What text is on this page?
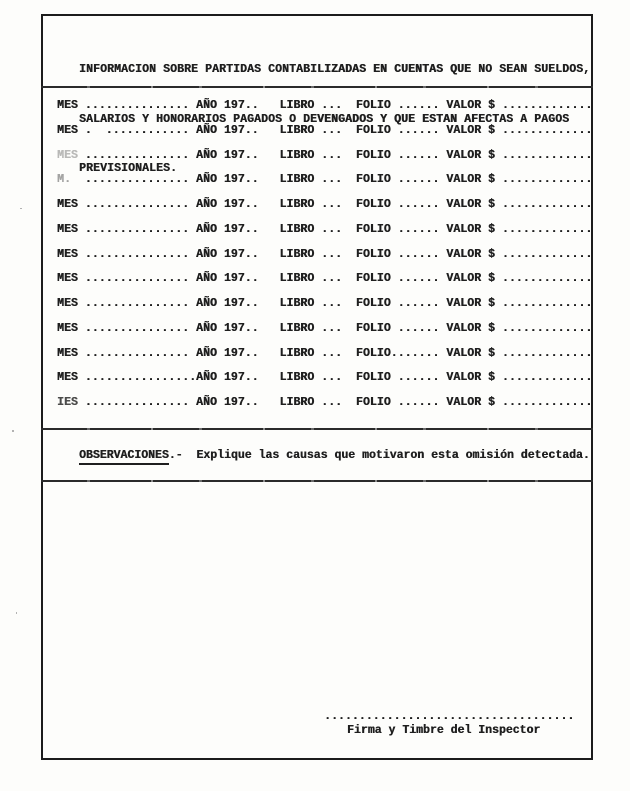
INFORMACION SOBRE PARTIDAS CONTABILIZADAS EN CUENTAS QUE NO SEAN SUELDOS,

SALARIOS Y HONORARIOS PAGADOS O DEVENGADOS Y QUE ESTAN AFECTAS A PAGOS

PREVISIONALES.

MES ............... AÑO 197..   LIBRO ...  FOLIO ...... VALOR $ .............
MES .  ............ AÑO 197..   LIBRO ...  FOLIO ...... VALOR $ .............
MES ............... AÑO 197..   LIBRO ...  FOLIO ...... VALOR $ .............
M.  ............... AÑO 197..   LIBRO ...  FOLIO ...... VALOR $ .............
MES ............... AÑO 197..   LIBRO ...  FOLIO ...... VALOR $ .............
MES ............... AÑO 197..   LIBRO ...  FOLIO ...... VALOR $ .............
MES ............... AÑO 197..   LIBRO ...  FOLIO ...... VALOR $ .............
MES ............... AÑO 197..   LIBRO ...  FOLIO ...... VALOR $ .............
MES ............... AÑO 197..   LIBRO ...  FOLIO ...... VALOR $ .............
MES ............... AÑO 197..   LIBRO ...  FOLIO ...... VALOR $ .............
MES ............... AÑO 197..   LIBRO ...  FOLIO....... VALOR $ .............
MES ................AÑO 197..   LIBRO ...  FOLIO ...... VALOR $ .............
IES ............... AÑO 197..   LIBRO ...  FOLIO ...... VALOR $ .............
OBSERVACIONES.-  Explique las causas que motivaron esta omisión detectada.
....................................
Firma y Timbre del Inspector
